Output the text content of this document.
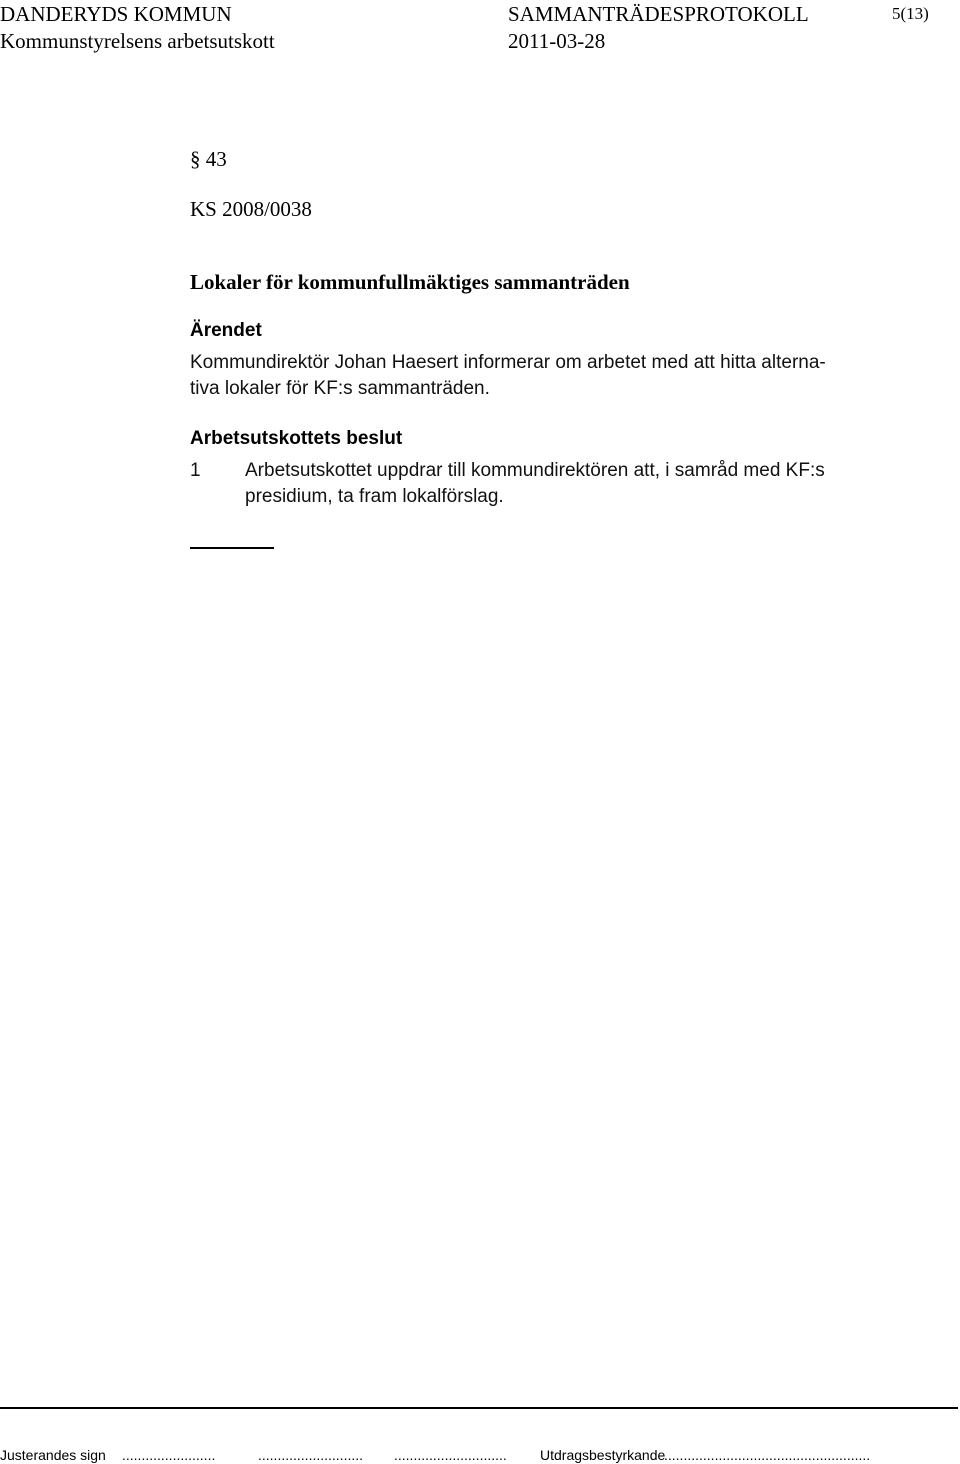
DANDERYDS KOMMUN
Kommunstyrelsens arbetsutskott
SAMMANTRÄDESPROTOKOLL
2011-03-28
5(13)
§ 43
KS 2008/0038
Lokaler för kommunfullmäktiges sammanträden
Ärendet
Kommundirektör Johan Haesert informerar om arbetet med att hitta alterna-
tiva lokaler för KF:s sammanträden.
Arbetsutskottets beslut
1 Arbetsutskottet uppdrar till kommundirektören att, i samråd med KF:s
presidium, ta fram lokalförslag.
Justerandes sign ........................	........................... ............................. Utdragsbestyrkande
.....................................................
